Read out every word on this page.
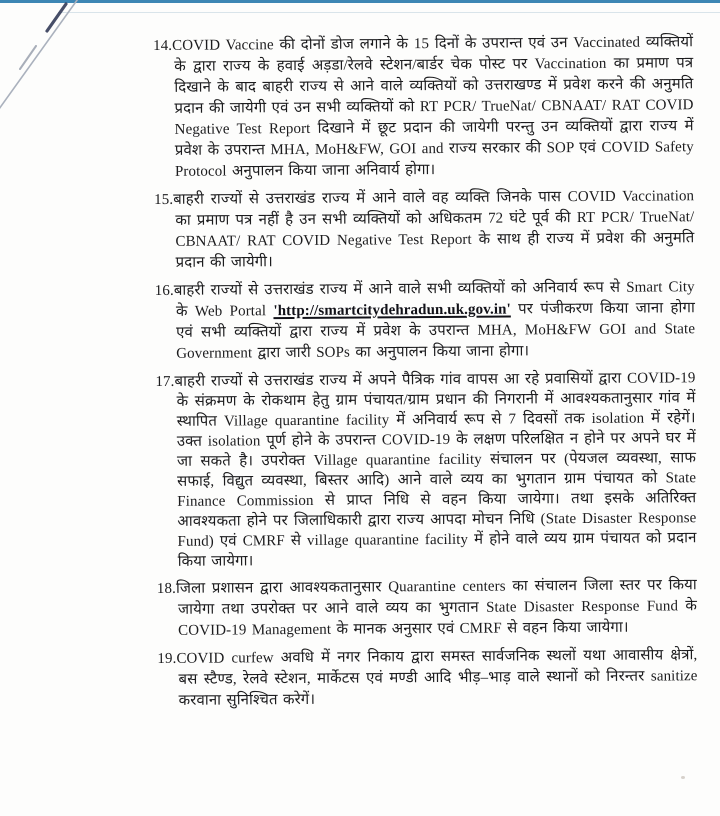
14.COVID Vaccine की दोनों डोज लगाने के 15 दिनों के उपरान्त एवं उन Vaccinated व्यक्तियों के द्वारा राज्य के हवाई अड़डा/रेलवे स्टेशन/बार्डर चेक पोस्ट पर Vaccination का प्रमाण पत्र दिखाने के बाद बाहरी राज्य से आने वाले व्यक्तियों को उत्तराखण्ड में प्रवेश करने की अनुमति प्रदान की जायेगी एवं उन सभी व्यक्तियों को RT PCR/ TrueNat/ CBNAAT/ RAT COVID Negative Test Report दिखाने में छूट प्रदान की जायेगी परन्तु उन व्यक्तियों द्वारा राज्य में प्रवेश के उपरान्त MHA, MoH&FW, GOI and राज्य सरकार की SOP एवं COVID Safety Protocol अनुपालन किया जाना अनिवार्य होगा।
15.बाहरी राज्यों से उत्तराखंड राज्य में आने वाले वह व्यक्ति जिनके पास COVID Vaccination का प्रमाण पत्र नहीं है उन सभी व्यक्तियों को अधिकतम 72 घंटे पूर्व की RT PCR/ TrueNat/ CBNAAT/ RAT COVID Negative Test Report के साथ ही राज्य में प्रवेश की अनुमति प्रदान की जायेगी।
16.बाहरी राज्यों से उत्तराखंड राज्य में आने वाले सभी व्यक्तियों को अनिवार्य रूप से Smart City के Web Portal 'http://smartcitydehradun.uk.gov.in' पर पंजीकरण किया जाना होगा एवं सभी व्यक्तियों द्वारा राज्य में प्रवेश के उपरान्त MHA, MoH&FW GOI and State Government द्वारा जारी SOPs का अनुपालन किया जाना होगा।
17.बाहरी राज्यों से उत्तराखंड राज्य में अपने पैत्रिक गांव वापस आ रहे प्रवासियों द्वारा COVID-19 के संक्रमण के रोकथाम हेतु ग्राम पंचायत/ग्राम प्रधान की निगरानी में आवश्यकतानुसार गांव में स्थापित Village quarantine facility में अनिवार्य रूप से 7 दिवसों तक isolation में रहेगें। उक्त isolation पूर्ण होने के उपरान्त COVID-19 के लक्षण परिलक्षित न होने पर अपने घर में जा सकते है। उपरोक्त Village quarantine facility संचालन पर (पेयजल व्यवस्था, साफ सफाई, विद्युत व्यवस्था, बिस्तर आदि) आने वाले व्यय का भुगतान ग्राम पंचायत को State Finance Commission से प्राप्त निधि से वहन किया जायेगा। तथा इसके अतिरिक्त आवश्यकता होने पर जिलाधिकारी द्वारा राज्य आपदा मोचन निधि (State Disaster Response Fund) एवं CMRF से village quarantine facility में होने वाले व्यय ग्राम पंचायत को प्रदान किया जायेगा।
18.जिला प्रशासन द्वारा आवश्यकतानुसार Quarantine centers का संचालन जिला स्तर पर किया जायेगा तथा उपरोक्त पर आने वाले व्यय का भुगतान State Disaster Response Fund के COVID-19 Management के मानक अनुसार एवं CMRF से वहन किया जायेगा।
19.COVID curfew अवधि में नगर निकाय द्वारा समस्त सार्वजनिक स्थलों यथा आवासीय क्षेत्रों, बस स्टैण्ड, रेलवे स्टेशन, मार्केटस एवं मण्डी आदि भीड़–भाड़ वाले स्थानों को निरन्तर sanitize करवाना सुनिश्चित करेगें।
